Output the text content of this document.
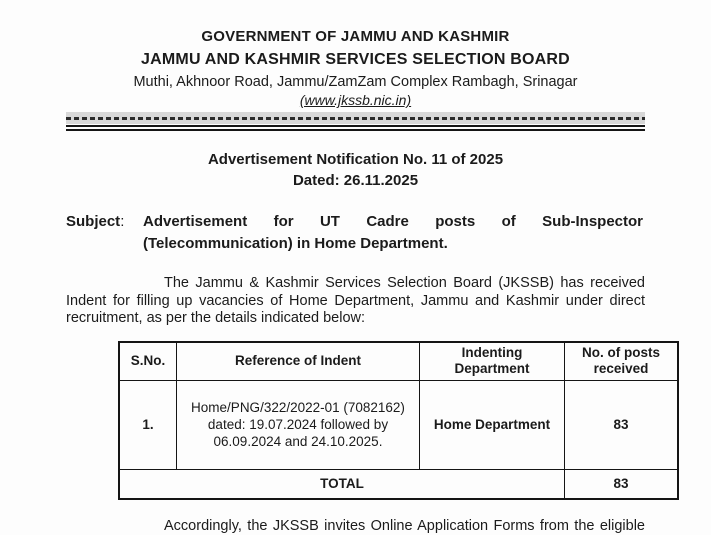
GOVERNMENT OF JAMMU AND KASHMIR
JAMMU AND KASHMIR SERVICES SELECTION BOARD
Muthi, Akhnoor Road, Jammu/ZamZam Complex Rambagh, Srinagar
(www.jkssb.nic.in)
Advertisement Notification No. 11 of 2025
Dated: 26.11.2025
Subject:	Advertisement for UT Cadre posts of Sub-Inspector (Telecommunication) in Home Department.
The Jammu & Kashmir Services Selection Board (JKSSB) has received Indent for filling up vacancies of Home Department, Jammu and Kashmir under direct recruitment, as per the details indicated below:
S.No.	Reference of Indent	Indenting Department	No. of posts received
1.	Home/PNG/322/2022-01 (7082162)
dated: 19.07.2024 followed by
06.09.2024 and 24.10.2025.	Home Department	83
TOTAL			83
Accordingly, the JKSSB invites Online Application Forms from the eligible
